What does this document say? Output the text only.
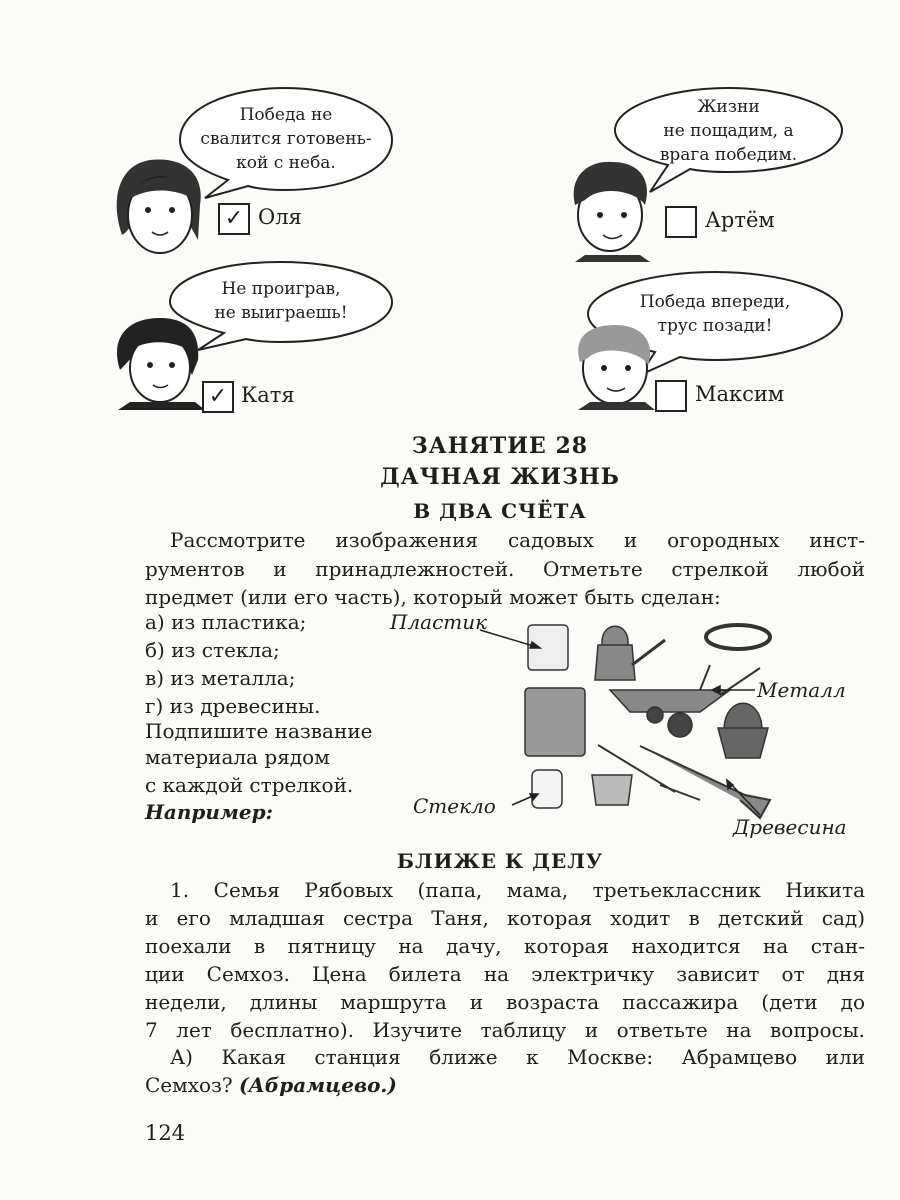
Победа не
свалится готовень-
кой с неба.
Жизни
не пощадим, а
врага победим.
Не проиграв,
не выиграешь!
Победа впереди,
трус позади!
✓ Оля	Артём
✓ Катя	Максим
ЗАНЯТИЕ 28
ДАЧНАЯ ЖИЗНЬ
В ДВА СЧЁТА
Рассмотрите изображения садовых и огородных инст-
рументов и принадлежностей. Отметьте стрелкой любой
предмет (или его часть), который может быть сделан:
а) из пластика;
б) из стекла;
в) из металла;
г) из древесины.
Подпишите название
материала рядом
с каждой стрелкой.
Например:
Пластик
Металл
Стекло
Древесина
БЛИЖЕ К ДЕЛУ
1. Семья Рябовых (папа, мама, третьеклассник Никита
и его младшая сестра Таня, которая ходит в детский сад)
поехали в пятницу на дачу, которая находится на стан-
ции Семхоз. Цена билета на электричку зависит от дня
недели, длины маршрута и возраста пассажира (дети до
7 лет бесплатно). Изучите таблицу и ответьте на вопросы.
А) Какая станция ближе к Москве: Абрамцево или
Семхоз? (Абрамцево.)
124
